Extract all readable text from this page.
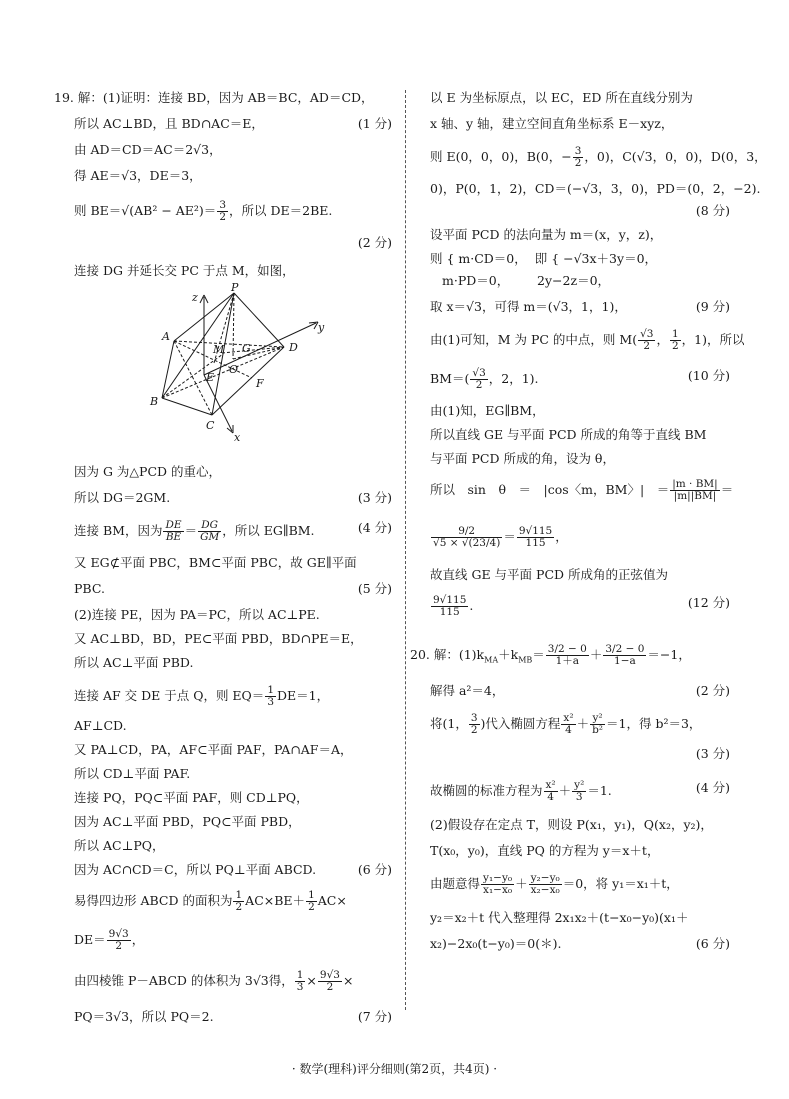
19. 解：(1)证明：连接 BD，因为 AB＝BC，AD＝CD，
所以 AC⊥BD，且 BD∩AC＝E，	(1 分)
由 AD＝CD＝AC＝2√3，
得 AE＝√3，DE＝3，
则 $BE=√(AB^2 - AE^2)= \frac{3}{2}$ ，所以 DE＝2BE.
(2 分)

连接 DG 并延长交 PC 于点 M，如图，
P
z
y
A
M G	D
E
O
B
F
C
x
因为 G 为△PCD 的重心，
所以 DG＝2GM.	(3 分)
连接 BM，因为 $\frac{DE}{BE} = \frac{DG}{GM}$ ，所以 EG∥BM.	(4 分)
又 EG⊄平面 PBC，BM⊂平面 PBC，故 GE∥平面
PBC.	(5 分)
(2)连接 PE，因为 PA＝PC，所以 AC⊥PE.
又 AC⊥BD，BD，PE⊂平面 PBD，BD∩PE＝E，
所以 AC⊥平面 PBD.
连接 AF 交 DE 于点 Q，则 $EQ= \frac{1}{3} DE=1$，
AF⊥CD.
又 PA⊥CD，PA，AF⊂平面 PAF，PA∩AF＝A，
所以 CD⊥平面 PAF.
连接 PQ，PQ⊂平面 PAF，则 CD⊥PQ，
因为 AC⊥平面 PBD，PQ⊂平面 PBD，
所以 AC⊥PQ，
因为 AC∩CD＝C，所以 PQ⊥平面 ABCD.	(6 分)
易得四边形 ABCD 的面积为 $\frac{1}{2} AC\times BE+ \frac{1}{2} AC\times$
$DE= \frac{9√3}{2}$ ，
由四棱锥 P－ABCD 的体积为 3√3得， $\frac{1}{3} \times \frac{9√3}{2}$ ×
PQ＝3√3，所以 PQ＝2.	(7 分)
以 E 为坐标原点，以 EC，ED 所在直线分别为
x 轴、y 轴，建立空间直角坐标系 E－xyz，
则 E(0，0，0)，B(0，− $\frac{3}{2}$ ，0)，C(√3，0，0)，D(0，3，
0)，P(0，1，2)，CD＝(−√3，3，0)，PD＝(0，2，−2).
(8 分)

设平面 PCD 的法向量为 m＝(x，y，z)，
则 { m·CD＝0， 即 { −√3x＋3y＝0，
m·PD＝0， 2y−2z＝0，
取 x＝√3，可得 m＝(√3，1，1)，	(9 分)
由(1)可知，M 为 PC 的中点，则 $M( \frac{√3}{2}$ ， $\frac{1}{2}$ ，1)，所以
$BM=( \frac{√3}{2}$ ，2，1).	(10 分)
由(1)知，EG∥BM，
所以直线 GE 与平面 PCD 所成的角等于直线 BM
与平面 PCD 所成的角，设为 θ，
所以　sin　θ　＝　|cos〈m，BM〉|　＝ $\frac{|m \cdot BM|}{|m||BM|}$ ＝
$\frac{9/2}{√5 \times √(23/4)} = \frac{9√115}{115}$ ，
故直线 GE 与平面 PCD 所成角的正弦值为
$\frac{9√115}{115}$ .	(12 分)
20. 解：$(1)k_{MA}+k_{MB}= \frac{3/2 - 0}{1+a} + \frac{3/2 - 0}{1-a} =-1$，
解得 a²＝4，	(2 分)
将(1， $\frac{3}{2}$ )代入椭圆方程 $\frac{\text{x²}}{4} + \frac{\text{y²}}{\text{b²}} =1$，得 b²＝3，
(3 分)

故椭圆的标准方程为 $\frac{\text{x²}}{4} + \frac{\text{y²}}{3} =1$.	(4 分)
(2)假设存在定点 T，则设 P(x₁，y₁)，Q(x₂，y₂)，
T(x₀，y₀)，直线 PQ 的方程为 y＝x＋t，
由题意得 $\frac{\text{y₁−y₀}}{\text{x₁−x₀}} + \frac{\text{y₂−y₀}}{\text{x₂−x₀}} =0$，将 y₁＝x₁＋t，
y₂＝x₂＋t 代入整理得 2x₁x₂＋(t−x₀−y₀)(x₁＋
x₂)−2x₀(t−y₀)＝0(＊).	(6 分)
· 数学(理科)评分细则(第2页，共4页) ·
